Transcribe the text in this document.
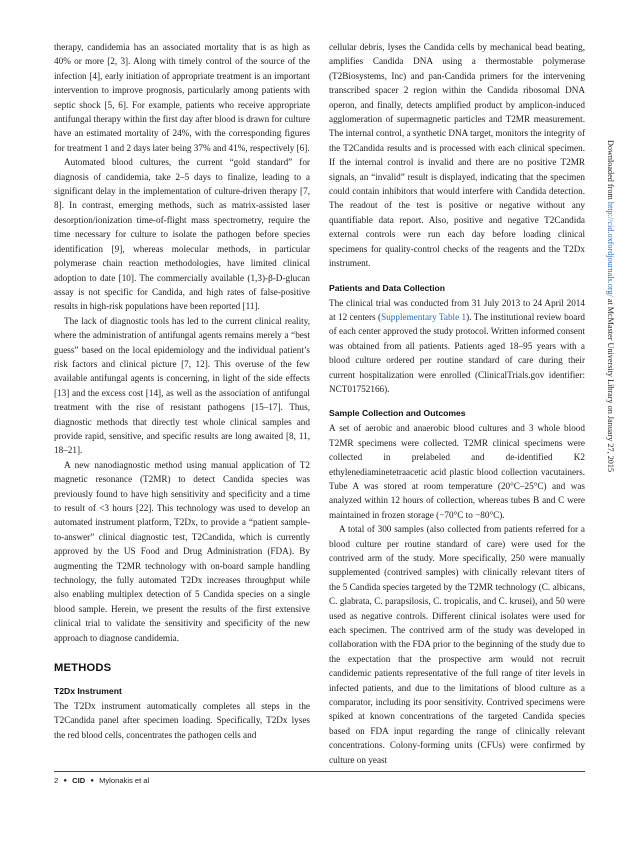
therapy, candidemia has an associated mortality that is as high as 40% or more [2, 3]. Along with timely control of the source of the infection [4], early initiation of appropriate treatment is an important intervention to improve prognosis, particularly among patients with septic shock [5, 6]. For example, patients who receive appropriate antifungal therapy within the first day after blood is drawn for culture have an estimated mortality of 24%, with the corresponding figures for treatment 1 and 2 days later being 37% and 41%, respectively [6].

Automated blood cultures, the current “gold standard” for diagnosis of candidemia, take 2–5 days to finalize, leading to a significant delay in the implementation of culture-driven therapy [7, 8]. In contrast, emerging methods, such as matrix-assisted laser desorption/ionization time-of-flight mass spectrometry, require the time necessary for culture to isolate the pathogen before species identification [9], whereas molecular methods, in particular polymerase chain reaction methodologies, have limited clinical adoption to date [10]. The commercially available (1,3)-β-D-glucan assay is not specific for Candida, and high rates of false-positive results in high-risk populations have been reported [11].

The lack of diagnostic tools has led to the current clinical reality, where the administration of antifungal agents remains merely a “best guess” based on the local epidemiology and the individual patient’s risk factors and clinical picture [7, 12]. This overuse of the few available antifungal agents is concerning, in light of the side effects [13] and the excess cost [14], as well as the association of antifungal treatment with the rise of resistant pathogens [15–17]. Thus, diagnostic methods that directly test whole clinical samples and provide rapid, sensitive, and specific results are long awaited [8, 11, 18–21].

A new nanodiagnostic method using manual application of T2 magnetic resonance (T2MR) to detect Candida species was previously found to have high sensitivity and specificity and a time to result of <3 hours [22]. This technology was used to develop an automated instrument platform, T2Dx, to provide a “patient sample-to-answer” clinical diagnostic test, T2Candida, which is currently approved by the US Food and Drug Administration (FDA). By augmenting the T2MR technology with on-board sample handling technology, the fully automated T2Dx increases throughput while also enabling multiplex detection of 5 Candida species on a single blood sample. Herein, we present the results of the first extensive clinical trial to validate the sensitivity and specificity of the new approach to diagnose candidemia.

METHODS
T2Dx Instrument

The T2Dx instrument automatically completes all steps in the T2Candida panel after specimen loading. Specifically, T2Dx lyses the red blood cells, concentrates the pathogen cells and

cellular debris, lyses the Candida cells by mechanical bead beating, amplifies Candida DNA using a thermostable polymerase (T2Biosystems, Inc) and pan-Candida primers for the intervening transcribed spacer 2 region within the Candida ribosomal DNA operon, and finally, detects amplified product by amplicon-induced agglomeration of supermagnetic particles and T2MR measurement. The internal control, a synthetic DNA target, monitors the integrity of the T2Candida results and is processed with each clinical specimen. If the internal control is invalid and there are no positive T2MR signals, an “invalid” result is displayed, indicating that the specimen could contain inhibitors that would interfere with Candida detection. The readout of the test is positive or negative without any quantifiable data report. Also, positive and negative T2Candida external controls were run each day before loading clinical specimens for quality-control checks of the reagents and the T2Dx instrument.

Patients and Data Collection

The clinical trial was conducted from 31 July 2013 to 24 April 2014 at 12 centers (Supplementary Table 1). The institutional review board of each center approved the study protocol. Written informed consent was obtained from all patients. Patients aged 18–95 years with a blood culture ordered per routine standard of care during their current hospitalization were enrolled (ClinicalTrials.gov identifier: NCT01752166).

Sample Collection and Outcomes

A set of aerobic and anaerobic blood cultures and 3 whole blood T2MR specimens were collected. T2MR clinical specimens were collected in prelabeled and de-identified K2 ethylenediaminetetraacetic acid plastic blood collection vacutainers. Tube A was stored at room temperature (20°C–25°C) and was analyzed within 12 hours of collection, whereas tubes B and C were maintained in frozen storage (−70°C to −80°C).

A total of 300 samples (also collected from patients referred for a blood culture per routine standard of care) were used for the contrived arm of the study. More specifically, 250 were manually supplemented (contrived samples) with clinically relevant titers of the 5 Candida species targeted by the T2MR technology (C. albicans, C. glabrata, C. parapsilosis, C. tropicalis, and C. krusei), and 50 were used as negative controls. Different clinical isolates were used for each specimen. The contrived arm of the study was developed in collaboration with the FDA prior to the beginning of the study due to the expectation that the prospective arm would not recruit candidemic patients representative of the full range of titer levels in infected patients, and due to the limitations of blood culture as a comparator, including its poor sensitivity. Contrived specimens were spiked at known concentrations of the targeted Candida species based on FDA input regarding the range of clinically relevant concentrations. Colony-forming units (CFUs) were confirmed by culture on yeast

2 ● CID ● Mylonakis et al
Downloaded from http://cid.oxfordjournals.org/ at McMaster University Library on January 27, 2015
